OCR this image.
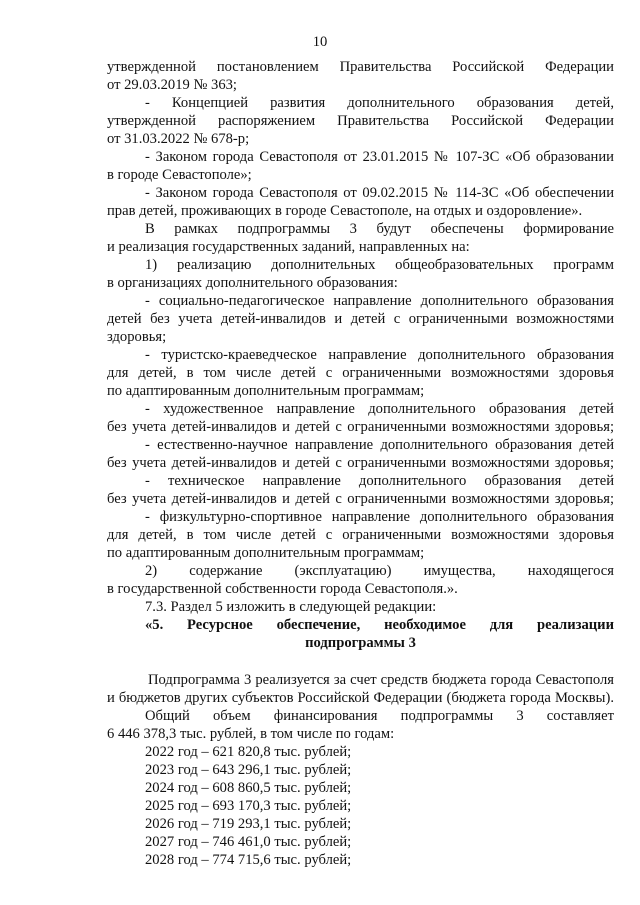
10
утвержденной постановлением Правительства Российской Федерации
от 29.03.2019 № 363;
- Концепцией развития дополнительного образования детей,
утвержденной распоряжением Правительства Российской Федерации
от 31.03.2022 № 678-р;
- Законом города Севастополя от 23.01.2015 № 107-ЗС «Об образовании
в городе Севастополе»;
- Законом города Севастополя от 09.02.2015 № 114-ЗС «Об обеспечении
прав детей, проживающих в городе Севастополе, на отдых и оздоровление».
В рамках подпрограммы 3 будут обеспечены формирование
и реализация государственных заданий, направленных на:
1) реализацию дополнительных общеобразовательных программ
в организациях дополнительного образования:
- социально-педагогическое направление дополнительного образования
детей без учета детей-инвалидов и детей с ограниченными возможностями
здоровья;
- туристско-краеведческое направление дополнительного образования
для детей, в том числе детей с ограниченными возможностями здоровья
по адаптированным дополнительным программам;
- художественное направление дополнительного образования детей
без учета детей-инвалидов и детей с ограниченными возможностями здоровья;
- естественно-научное направление дополнительного образования детей
без учета детей-инвалидов и детей с ограниченными возможностями здоровья;
- техническое направление дополнительного образования детей
без учета детей-инвалидов и детей с ограниченными возможностями здоровья;
- физкультурно-спортивное направление дополнительного образования
для детей, в том числе детей с ограниченными возможностями здоровья
по адаптированным дополнительным программам;
2) содержание (эксплуатацию) имущества, находящегося
в государственной собственности города Севастополя.».
7.3. Раздел 5 изложить в следующей редакции:
«5. Ресурсное обеспечение, необходимое для реализации
подпрограммы 3
Подпрограмма 3 реализуется за счет средств бюджета города Севастополя
и бюджетов других субъектов Российской Федерации (бюджета города Москвы).
Общий объем финансирования подпрограммы 3 составляет
6 446 378,3 тыс. рублей, в том числе по годам:
2022 год – 621 820,8 тыс. рублей;
2023 год – 643 296,1 тыс. рублей;
2024 год – 608 860,5 тыс. рублей;
2025 год – 693 170,3 тыс. рублей;
2026 год – 719 293,1 тыс. рублей;
2027 год – 746 461,0 тыс. рублей;
2028 год – 774 715,6 тыс. рублей;
